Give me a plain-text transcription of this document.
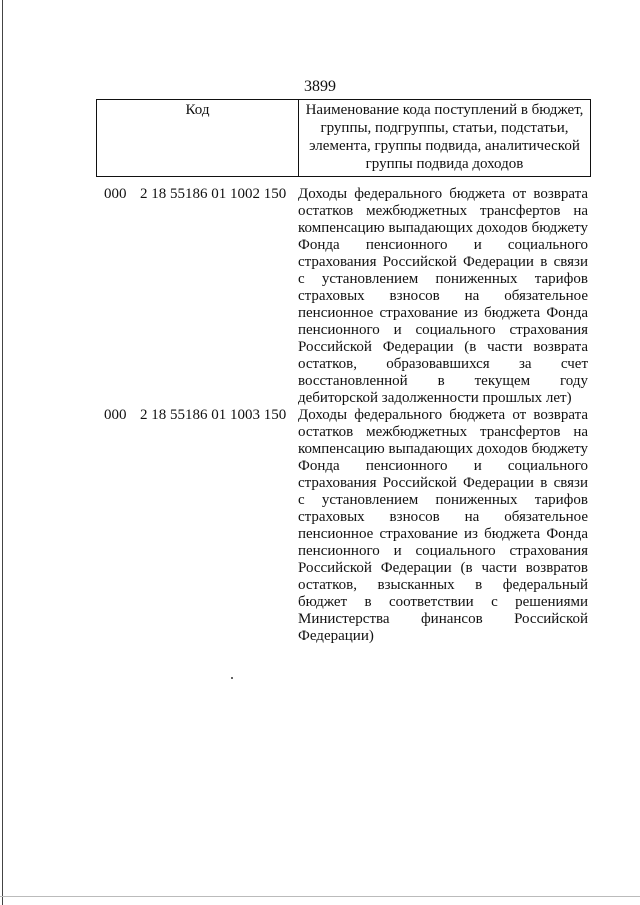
3899
Код	Наименование кода поступлений в бюджет, группы, подгруппы, статьи, подстатьи, элемента, группы подвида, аналитической группы подвида доходов
000 2 18 55186 01 1002 150 Доходы федерального бюджета от возврата остатков межбюджетных трансфертов на компенсацию выпадающих доходов бюджету Фонда пенсионного и социального страхования Российской Федерации в связи с установлением пониженных тарифов страховых взносов на обязательное пенсионное страхование из бюджета Фонда пенсионного и социального страхования Российской Федерации (в части возврата остатков, образовавшихся за счет восстановленной в текущем году дебиторской задолженности прошлых лет)
000 2 18 55186 01 1003 150 Доходы федерального бюджета от возврата остатков межбюджетных трансфертов на компенсацию выпадающих доходов бюджету Фонда пенсионного и социального страхования Российской Федерации в связи с установлением пониженных тарифов страховых взносов на обязательное пенсионное страхование из бюджета Фонда пенсионного и социального страхования Российской Федерации (в части возвратов остатков, взысканных в федеральный бюджет в соответствии с решениями Министерства финансов Российской Федерации)
